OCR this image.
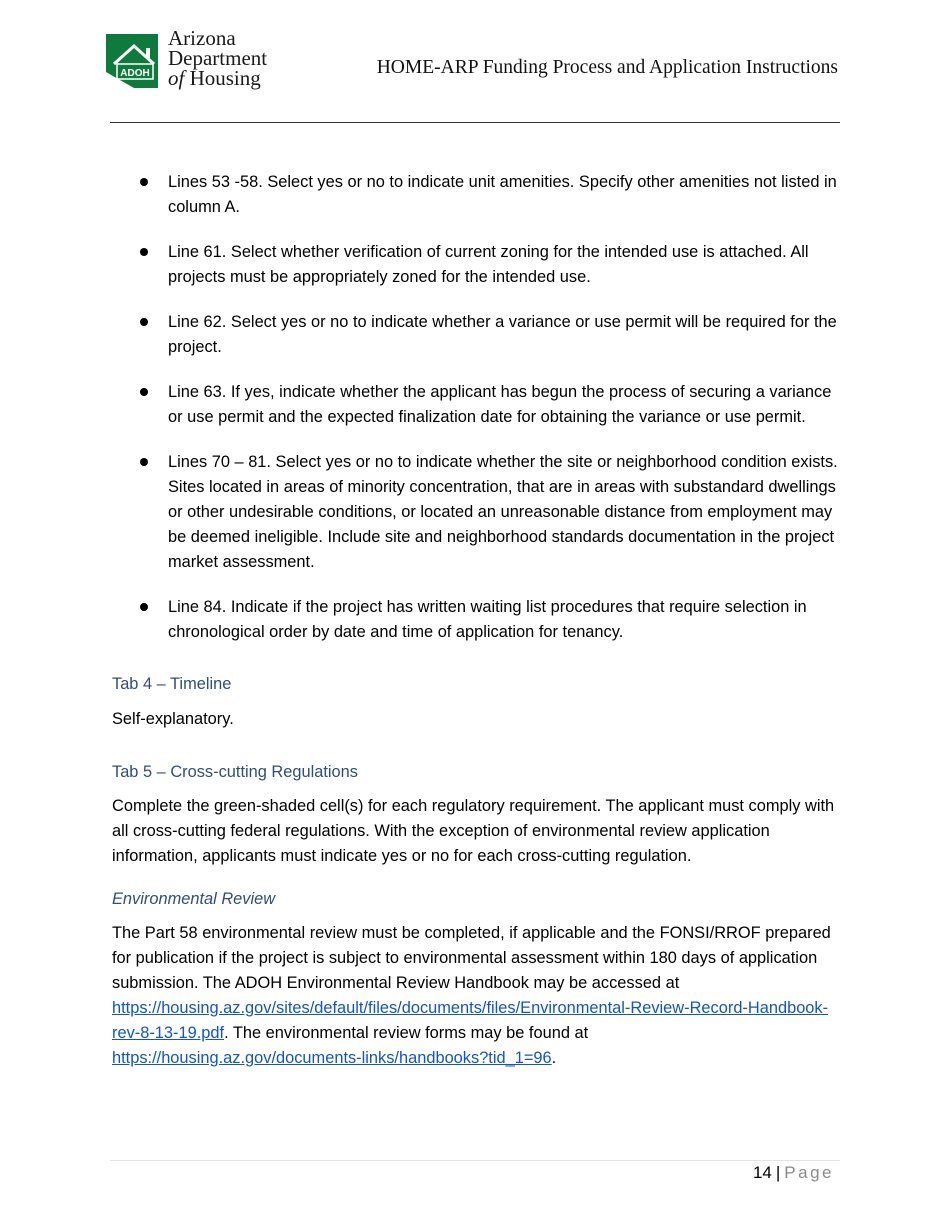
ADOH
Arizona
Department
of Housing	HOME-ARP Funding Process and Application Instructions
Lines 53 -58. Select yes or no to indicate unit amenities. Specify other amenities not listed in column A.
Line 61. Select whether verification of current zoning for the intended use is attached. All projects must be appropriately zoned for the intended use.
Line 62. Select yes or no to indicate whether a variance or use permit will be required for the project.
Line 63. If yes, indicate whether the applicant has begun the process of securing a variance or use permit and the expected finalization date for obtaining the variance or use permit.
Lines 70 – 81. Select yes or no to indicate whether the site or neighborhood condition exists. Sites located in areas of minority concentration, that are in areas with substandard dwellings or other undesirable conditions, or located an unreasonable distance from employment may be deemed ineligible. Include site and neighborhood standards documentation in the project market assessment.
Line 84. Indicate if the project has written waiting list procedures that require selection in chronological order by date and time of application for tenancy.

Tab 4 – Timeline

Self-explanatory.

Tab 5 – Cross-cutting Regulations

Complete the green-shaded cell(s) for each regulatory requirement. The applicant must comply with all cross-cutting federal regulations. With the exception of environmental review application information, applicants must indicate yes or no for each cross-cutting regulation.

Environmental Review

The Part 58 environmental review must be completed, if applicable and the FONSI/RROF prepared for publication if the project is subject to environmental assessment within 180 days of application submission. The ADOH Environmental Review Handbook may be accessed at https://housing.az.gov/sites/default/files/documents/files/Environmental-Review-Record-Handbook-rev-8-13-19.pdf. The environmental review forms may be found at https://housing.az.gov/documents-links/handbooks?tid_1=96.

14 | Page
